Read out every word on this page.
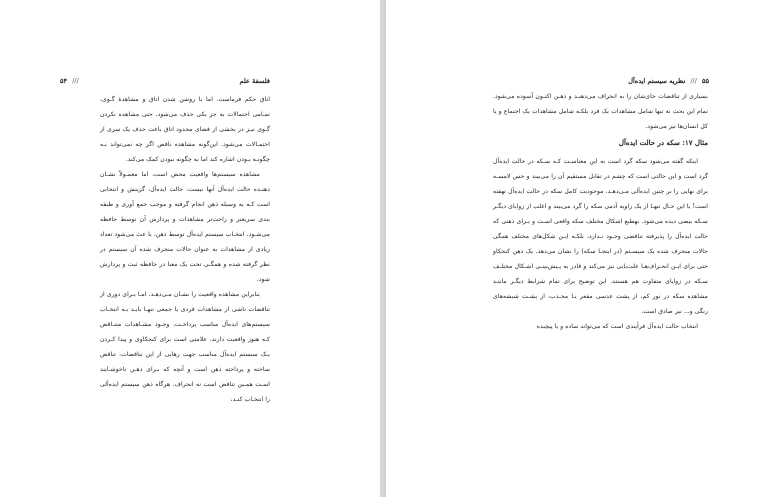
فلسفهٔ علم
/// ۵۴

اتاق حکم فرماست. اما با روشن شدن اتاق و مشاهدهٔ گـوی، تمـامی احتمالات به جز یکی حذف می‌شود. حتی مشاهده نکردن گـوی نیـز در بخشی از فضای محدود اتاق باعث حذف یک سری از احتمـالات می‌شود. این‌گونه مشاهده ناقص اگر چه نمی‌تواند بـه چگونـه بـودن اشاره کند اما به چگونه نبودن کمک می‌کند.

مشاهده سیستم‌ها واقعیت محض است، اما معمـولاً نشـان دهنـده حالت ایده‌آل آنها نیست. حالت ایده‌آل، گزینش و انتخابی است کـه به وسیله ذهن انجام گرفته و موجب جمع آوری و طبقه بندی سریعتر و راحت‌تر مشاهدات و پردازش آن توسط حافظه می‌شـود. انتخـاب سیستم ایده‌آل توسط ذهن، با عث می‌شود تعداد زیادی از مشاهدات به عنوان حالات منحرف شده آن سیستم در نظر گرفته شده و همگـی تحت یک معنا در حافظه ثبت و پردازش شود.

بنابراین مشاهده واقعیت را نشـان مـی‌دهـد. امـا بـرای دوری از تناقضات ناشی از مشاهدات فردی یا جمعی تنهـا بایـد بـه انتخـاب سیستم‌های ایده‌آل مناسب پرداخـت. وجـود مشـاهدات متنـاقض کـه هنوز واقعیت دارند، علامتی است برای کنجکاوی و پیدا کـردن یـک سیستم ایده‌آل مناسب جهت رهایی از این تناقضات. تناقض ساخته و پرداخته ذهن است و آنچه که بـرای ذهـن ناخوشـایند اسـت همـین تناقض است نه انحراف. هرگاه ذهن سیستم ایده‌آلی را انتخـاب کنـد،

۵۵ /// نظریه سیستم ایده‌آل

بسیاری از تناقضات جای‌شان را به انحراف می‌دهنـد و ذهـن اکنـون آسوده می‌شود. تمام این بحث نه تنها شامل مشاهدات یک فرد بلکـه شامل مشاهدات یک اجتماع و یا کل انسان‌ها نیز می‌شود.

مثال ۱۷: سکه در حالت ایده‌آل

اینکه گفته می‌شود سکه گرد است به این معناسـت کـه سـکه در حالت ایده‌آل گرد است و این حالتی است که چشم در تقابل مستقیم آن را می‌بیند و حس لامسـه برای نهایی را بر چنین ایده‌آلی مـی‌دهـد. موجودیت کامل سکه در حالت ایده‌آل تهفته است! یا این حـال تنهـا از یک زاویه آدمی سکه را گرد می‌بیند و اغلب از زوایای دیگـر سـکه بیضی دیده می‌شود. بهطبع اشکال مختلف سکه واقعی اسـت و بـرای ذهنی که حالت ایده‌آل را پذیرفته تناقضی وجـود نـدارد، بلکـه ایـن شکل‌های مختلف همگی حالات منحرف شده یک سیسـتم (در اینجـا سکه) را نشان می‌دهد. یک ذهن کنجکاو حتی برای ایـن انحـراف‌هـا علت‌یابی نیز می‌کند و قادر به پـیش‌بینـی اشـکال مختلـف سـکه در زوایای متفاوت هم هستند. این توضیح برای تمام شرایط دیگـر ماننـد مشاهده سکه در نور کم، از پشت عدسی مقعر یـا محـدب، از پشـت شیشه‌های رنگی و... نیز صادق است.

انتخاب حالت ایده‌آل فرآیندی است که می‌تواند ساده و یا پیچیده
